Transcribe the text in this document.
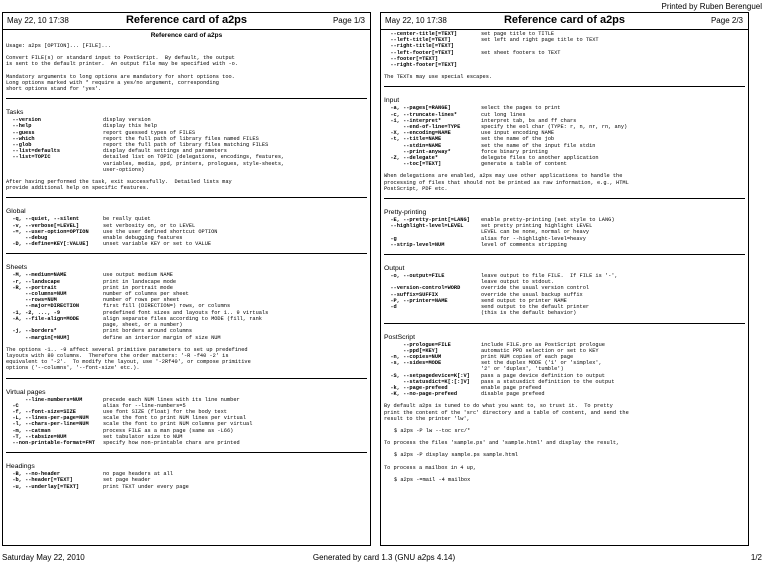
Printed by Ruben Berenguel
May 22, 10 17:38	Reference card of a2ps	Page 1/3
Reference card of a2ps
Usage: a2ps [OPTION]... [FILE]...
Convert FILE(s) or standard input to PostScript.  By default, the output
is sent to the default printer.  An output file may be specified with -o.
Mandatory arguments to long options are mandatory for short options too.
Long options marked with * require a yes/no argument, corresponding
short options stand for 'yes'.
Tasks
--version	display version
--help	display this help
--guess	report guessed types of FILES
--which	report the full path of library files named FILES
--glob	report the full path of library files matching FILES
--list=defaults	display default settings and parameters
--list=TOPIC	detailed list on TOPIC (delegations, encodings, features,
variables, media, ppd, printers, prologues, style-sheets,
user-options)
After having performed the task, exit successfully.  Detailed lists may
provide additional help on specific features.
Global
-q, --quiet, --silent	be really quiet
-v, --verbose[=LEVEL]	set verbosity on, or to LEVEL
-=, --user-option=OPTION	use the user defined shortcut OPTION
--debug	enable debugging features
-D, --define=KEY[:VALUE]	unset variable KEY or set to VALUE
Sheets
-M, --medium=NAME	use output medium NAME
-r, --landscape	print in landscape mode
-R, --portrait	print in portrait mode
--columns=NUM	number of columns per sheet
--rows=NUM	number of rows per sheet
--major=DIRECTION	first fill (DIRECTION=) rows, or columns
-1, -2, ..., -9	predefined font sizes and layouts for 1.. 9 virtuals
-A, --file-align=MODE	align separate files according to MODE (fill, rank
page, sheet, or a number)
-j, --borders*	print borders around columns
--margin[=NUM]	define an interior margin of size NUM
The options -1.. -9 affect several primitive parameters to set up predefined
layouts with 80 columns.  Therefore the order matters: '-R -f40 -2' is
equivalent to '-2'.  To modify the layout, use '-2Rf40', or compose primitive
options ('--columns', '--font-size' etc.).
Virtual pages
--line-numbers=NUM	precede each NUM lines with its line number
-C	alias for --line-numbers=5
-f, --font-size=SIZE	use font SIZE (float) for the body text
-L, --lines-per-page=NUM	scale the font to print NUM lines per virtual
-l, --chars-per-line=NUM	scale the font to print NUM columns per virtual
-m, --catman	process FILE as a man page (same as -L66)
-T, --tabsize=NUM	set tabulator size to NUM
--non-printable-format=FMT	specify how non-printable chars are printed
Headings
-B, --no-header	no page headers at all
-b, --header[=TEXT]	set page header
-u, --underlay[=TEXT]	print TEXT under every page
May 22, 10 17:38	Reference card of a2ps	Page 2/3
--center-title[=TEXT]	set page title to TITLE
--left-title[=TEXT]	set left and right page title to TEXT
--right-title[=TEXT]
--left-footer[=TEXT]	set sheet footers to TEXT
--footer[=TEXT]
--right-footer[=TEXT]
The TEXTs may use special escapes.
Input
-a, --pages[=RANGE]	select the pages to print
-c, --truncate-lines*	cut long lines
-i, --interpret*	interpret tab, bs and ff chars
--end-of-line=TYPE	specify the eol char (TYPE: r, n, nr, rn, any)
-X, --encoding=NAME	use input encoding NAME
-t, --title=NAME	set the name of the job
--stdin=NAME	set the name of the input file stdin
--print-anyway*	force binary printing
-Z, --delegate*	delegate files to another application
--toc[=TEXT]	generate a table of content
When delegations are enabled, a2ps may use other applications to handle the
processing of files that should not be printed as raw information, e.g., HTML
PostScript, PDF etc.
Pretty-printing
-E, --pretty-print[=LANG]	enable pretty-printing (set style to LANG)
--highlight-level=LEVEL	set pretty printing highlight LEVEL
LEVEL can be none, normal or heavy
-g	alias for --highlight-level=heavy
--strip-level=NUM	level of comments stripping
Output
-o, --output=FILE	leave output to file FILE.  If FILE is '-',
leave output to stdout.
--version-control=WORD	override the usual version control
--suffix=SUFFIX	override the usual backup suffix
-P, --printer=NAME	send output to printer NAME
-d	send output to the default printer
(this is the default behavior)
PostScript
--prologue=FILE	include FILE.pro as PostScript prologue
--ppd[=KEY]	automatic PPD selection or set to KEY
-n, --copies=NUM	print NUM copies of each page
-s, --sides=MODE	set the duplex MODE ('1' or 'simplex',
'2' or 'duplex', 'tumble')
-S, --setpagedevice=K[:V]	pass a page device definition to output
--statusdict=K[:[:]V]	pass a statusdict definition to the output
-k, --page-prefeed	enable page prefeed
-K, --no-page-prefeed	disable page prefeed
By default a2ps is tuned to do what you want to, so trust it.  To pretty
print the content of the 'src' directory and a table of content, and send the
result to the printer 'lw',
$ a2ps -P lw --toc src/*
To process the files 'sample.ps' and 'sample.html' and display the result,
$ a2ps -P display sample.ps sample.html
To process a mailbox in 4 up,
$ a2ps -=mail -4 mailbox
Saturday May 22, 2010	Generated by card 1.3 (GNU a2ps 4.14)	1/2
